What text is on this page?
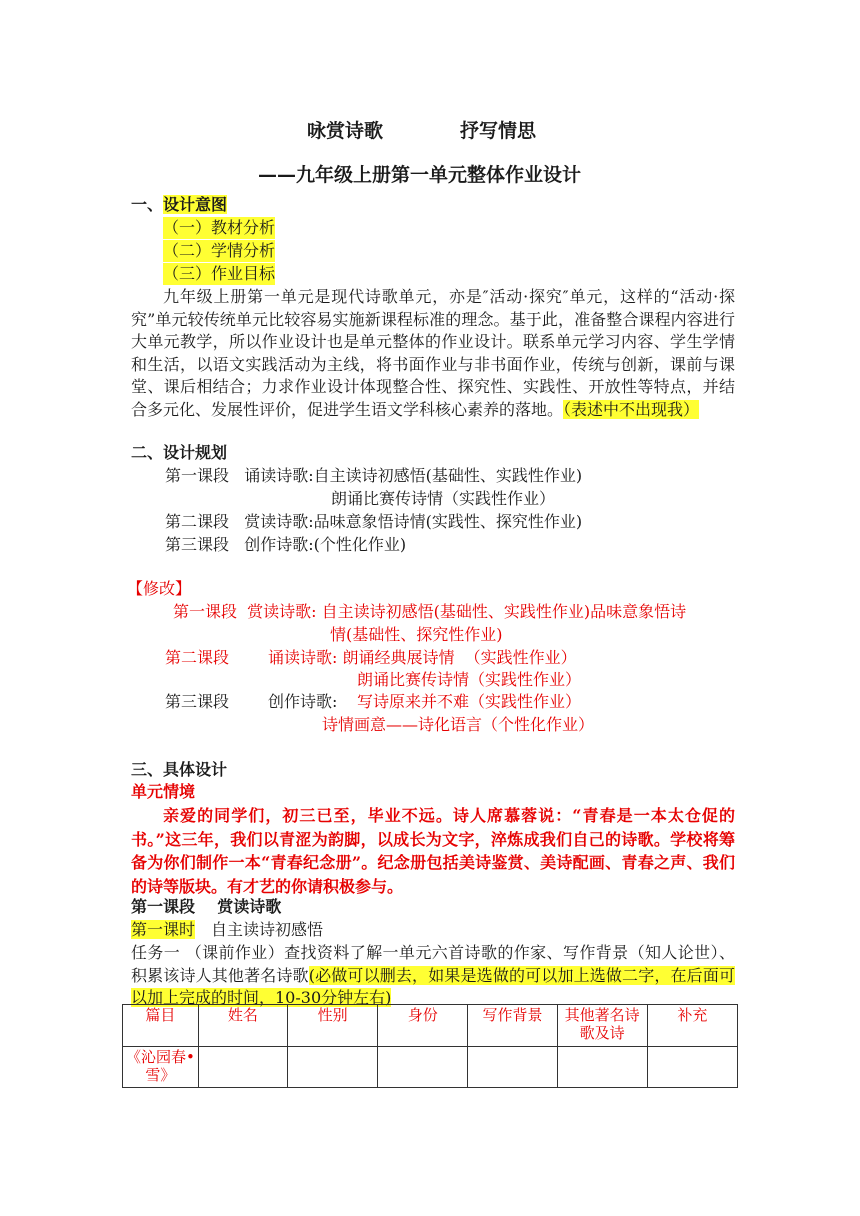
咏赏诗歌	抒写情思
——九年级上册第一单元整体作业设计
一、设计意图
（一）教材分析
（二）学情分析
（三）作业目标
九年级上册第一单元是现代诗歌单元，亦是″活动·探究″单元，这样的“活动·探究”单元较传统单元比较容易实施新课程标准的理念。基于此，准备整合课程内容进行大单元教学，所以作业设计也是单元整体的作业设计。联系单元学习内容、学生学情和生活，以语文实践活动为主线，将书面作业与非书面作业，传统与创新，课前与课堂、课后相结合；力求作业设计体现整合性、探究性、实践性、开放性等特点，并结合多元化、发展性评价，促进学生语文学科核心素养的落地。（表述中不出现我）
二、设计规划
第一课段   诵读诗歌:自主读诗初感悟(基础性、实践性作业)
朗诵比赛传诗情（实践性作业）
第二课段   赏读诗歌:品味意象悟诗情(实践性、探究性作业)
第三课段   创作诗歌:(个性化作业)
【修改】
第一课段  赏读诗歌: 自主读诗初感悟(基础性、实践性作业)品味意象悟诗
情(基础性、探究性作业)
第二课段 诵读诗歌: 朗诵经典展诗情  （实践性作业）
朗诵比赛传诗情（实践性作业）
第三课段 创作诗歌: 写诗原来并不难（实践性作业）
诗情画意——诗化语言（个性化作业）
三、具体设计
单元情境
亲爱的同学们，初三已至，毕业不远。诗人席慕蓉说：“青春是一本太仓促的书。”这三年，我们以青涩为韵脚，以成长为文字，淬炼成我们自己的诗歌。学校将筹备为你们制作一本“青春纪念册”。纪念册包括美诗鉴赏、美诗配画、青春之声、我们的诗等版块。有才艺的你请积极参与。
第一课段    赏读诗歌
第一课时 自主读诗初感悟
任务一 （课前作业）查找资料了解一单元六首诗歌的作家、写作背景（知人论世）、积累该诗人其他著名诗歌(必做可以删去，如果是选做的可以加上选做二字，在后面可以加上完成的时间，10-30分钟左右)
篇目	姓名	性别	身份	写作背景	其他著名诗歌及诗	补充
《沁园春•雪》						
